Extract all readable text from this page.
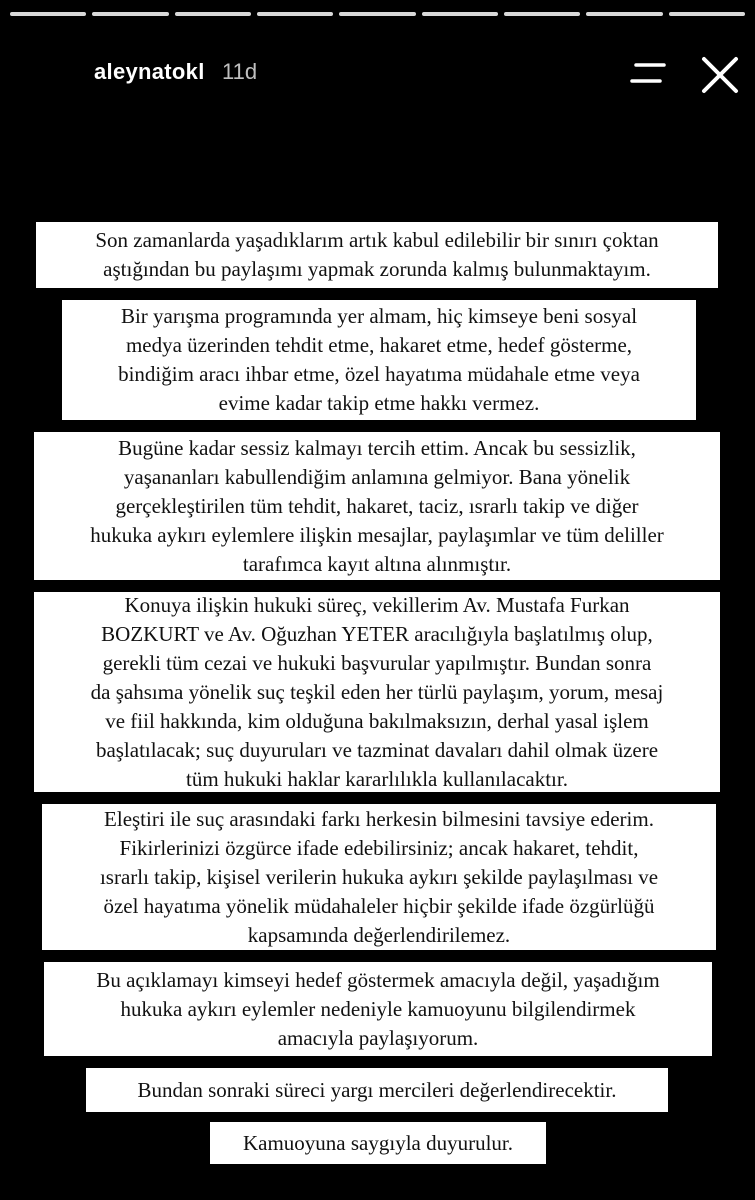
aleynatokl 11d
Son zamanlarda yaşadıklarım artık kabul edilebilir bir sınırı çoktan
aştığından bu paylaşımı yapmak zorunda kalmış bulunmaktayım.
Bir yarışma programında yer almam, hiç kimseye beni sosyal
medya üzerinden tehdit etme, hakaret etme, hedef gösterme,
bindiğim aracı ihbar etme, özel hayatıma müdahale etme veya
evime kadar takip etme hakkı vermez.
Bugüne kadar sessiz kalmayı tercih ettim. Ancak bu sessizlik,
yaşananları kabullendiğim anlamına gelmiyor. Bana yönelik
gerçekleştirilen tüm tehdit, hakaret, taciz, ısrarlı takip ve diğer
hukuka aykırı eylemlere ilişkin mesajlar, paylaşımlar ve tüm deliller
tarafımca kayıt altına alınmıştır.
Konuya ilişkin hukuki süreç, vekillerim Av. Mustafa Furkan
BOZKURT ve Av. Oğuzhan YETER aracılığıyla başlatılmış olup,
gerekli tüm cezai ve hukuki başvurular yapılmıştır. Bundan sonra
da şahsıma yönelik suç teşkil eden her türlü paylaşım, yorum, mesaj
ve fiil hakkında, kim olduğuna bakılmaksızın, derhal yasal işlem
başlatılacak; suç duyuruları ve tazminat davaları dahil olmak üzere
tüm hukuki haklar kararlılıkla kullanılacaktır.
Eleştiri ile suç arasındaki farkı herkesin bilmesini tavsiye ederim.
Fikirlerinizi özgürce ifade edebilirsiniz; ancak hakaret, tehdit,
ısrarlı takip, kişisel verilerin hukuka aykırı şekilde paylaşılması ve
özel hayatıma yönelik müdahaleler hiçbir şekilde ifade özgürlüğü
kapsamında değerlendirilemez.
Bu açıklamayı kimseyi hedef göstermek amacıyla değil, yaşadığım
hukuka aykırı eylemler nedeniyle kamuoyunu bilgilendirmek
amacıyla paylaşıyorum.
Bundan sonraki süreci yargı mercileri değerlendirecektir.
Kamuoyuna saygıyla duyurulur.
